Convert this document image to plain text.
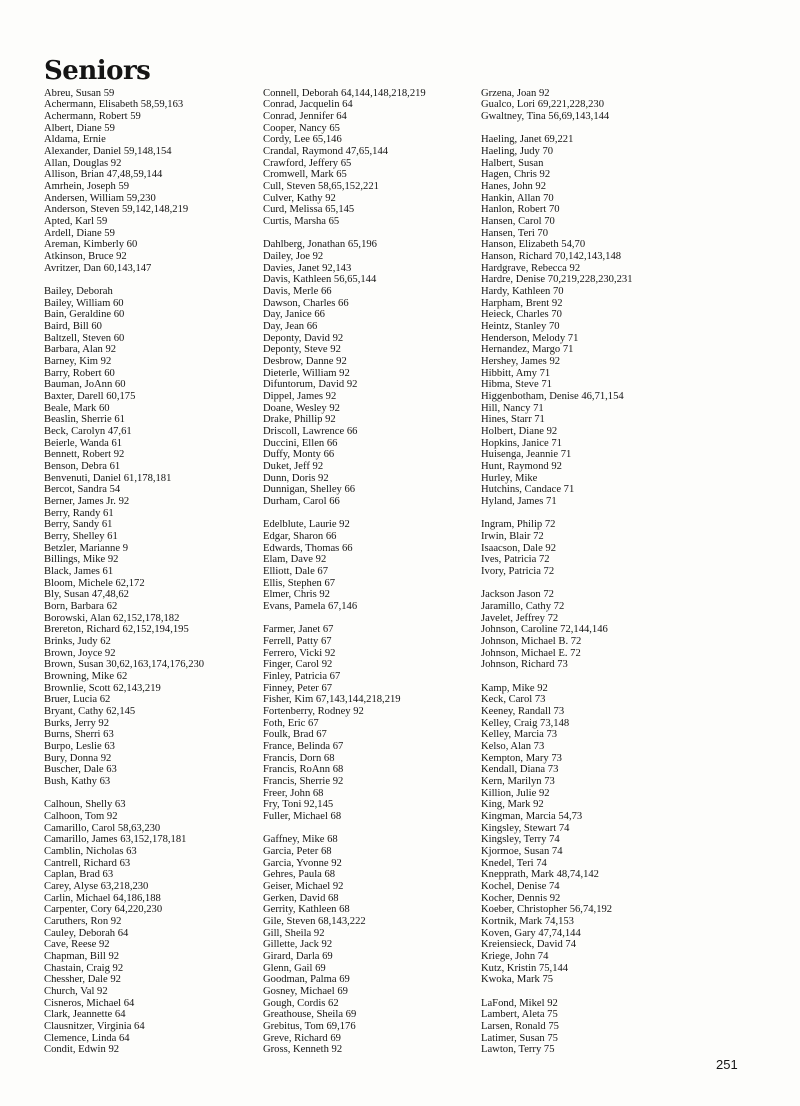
Seniors
Abreu, Susan 59
Achermann, Elisabeth 58,59,163
Achermann, Robert 59
Albert, Diane 59
Aldama, Ernie
Alexander, Daniel 59,148,154
Allan, Douglas 92
Allison, Brian 47,48,59,144
Amrhein, Joseph 59
Andersen, William 59,230
Anderson, Steven 59,142,148,219
Apted, Karl 59
Ardell, Diane 59
Areman, Kimberly 60
Atkinson, Bruce 92
Avritzer, Dan 60,143,147
Bailey, Deborah
Bailey, William 60
Bain, Geraldine 60
Baird, Bill 60
Baltzell, Steven 60
Barbara, Alan 92
Barney, Kim 92
Barry, Robert 60
Bauman, JoAnn 60
Baxter, Darell 60,175
Beale, Mark 60
Beaslin, Sherrie 61
Beck, Carolyn 47,61
Beierle, Wanda 61
Bennett, Robert 92
Benson, Debra 61
Benvenuti, Daniel 61,178,181
Bercot, Sandra 54
Berner, James Jr. 92
Berry, Randy 61
Berry, Sandy 61
Berry, Shelley 61
Betzler, Marianne 9
Billings, Mike 92
Black, James 61
Bloom, Michele 62,172
Bly, Susan 47,48,62
Born, Barbara 62
Borowski, Alan 62,152,178,182
Brereton, Richard 62,152,194,195
Brinks, Judy 62
Brown, Joyce 92
Brown, Susan 30,62,163,174,176,230
Browning, Mike 62
Brownlie, Scott 62,143,219
Bruer, Lucia 62
Bryant, Cathy 62,145
Burks, Jerry 92
Burns, Sherri 63
Burpo, Leslie 63
Bury, Donna 92
Buscher, Dale 63
Bush, Kathy 63
Calhoun, Shelly 63
Calhoon, Tom 92
Camarillo, Carol 58,63,230
Camarillo, James 63,152,178,181
Camblin, Nicholas 63
Cantrell, Richard 63
Caplan, Brad 63
Carey, Alyse 63,218,230
Carlin, Michael 64,186,188
Carpenter, Cory 64,220,230
Caruthers, Ron 92
Cauley, Deborah 64
Cave, Reese 92
Chapman, Bill 92
Chastain, Craig 92
Chessher, Dale 92
Church, Val 92
Cisneros, Michael 64
Clark, Jeannette 64
Clausnitzer, Virginia 64
Clemence, Linda 64
Condit, Edwin 92
Connell, Deborah 64,144,148,218,219
Conrad, Jacquelin 64
Conrad, Jennifer 64
Cooper, Nancy 65
Cordy, Lee 65,146
Crandal, Raymond 47,65,144
Crawford, Jeffery 65
Cromwell, Mark 65
Cull, Steven 58,65,152,221
Culver, Kathy 92
Curd, Melissa 65,145
Curtis, Marsha 65
Dahlberg, Jonathan 65,196
Dailey, Joe 92
Davies, Janet 92,143
Davis, Kathleen 56,65,144
Davis, Merle 66
Dawson, Charles 66
Day, Janice 66
Day, Jean 66
Deponty, David 92
Deponty, Steve 92
Desbrow, Danne 92
Dieterle, William 92
Difuntorum, David 92
Dippel, James 92
Doane, Wesley 92
Drake, Phillip 92
Driscoll, Lawrence 66
Duccini, Ellen 66
Duffy, Monty 66
Duket, Jeff 92
Dunn, Doris 92
Dunnigan, Shelley 66
Durham, Carol 66
Edelblute, Laurie 92
Edgar, Sharon 66
Edwards, Thomas 66
Elam, Dave 92
Elliott, Dale 67
Ellis, Stephen 67
Elmer, Chris 92
Evans, Pamela 67,146
Farmer, Janet 67
Ferrell, Patty 67
Ferrero, Vicki 92
Finger, Carol 92
Finley, Patricia 67
Finney, Peter 67
Fisher, Kim 67,143,144,218,219
Fortenberry, Rodney 92
Foth, Eric 67
Foulk, Brad 67
France, Belinda 67
Francis, Dorn 68
Francis, RoAnn 68
Francis, Sherrie 92
Freer, John 68
Fry, Toni 92,145
Fuller, Michael 68
Gaffney, Mike 68
Garcia, Peter 68
Garcia, Yvonne 92
Gehres, Paula 68
Geiser, Michael 92
Gerken, David 68
Gerrity, Kathleen 68
Gile, Steven 68,143,222
Gill, Sheila 92
Gillette, Jack 92
Girard, Darla 69
Glenn, Gail 69
Goodman, Palma 69
Gosney, Michael 69
Gough, Cordis 62
Greathouse, Sheila 69
Grebitus, Tom 69,176
Greve, Richard 69
Gross, Kenneth 92
Grzena, Joan 92
Gualco, Lori 69,221,228,230
Gwaltney, Tina 56,69,143,144
Haeling, Janet 69,221
Haeling, Judy 70
Halbert, Susan
Hagen, Chris 92
Hanes, John 92
Hankin, Allan 70
Hanlon, Robert 70
Hansen, Carol 70
Hansen, Teri 70
Hanson, Elizabeth 54,70
Hanson, Richard 70,142,143,148
Hardgrave, Rebecca 92
Hardre, Denise 70,219,228,230,231
Hardy, Kathleen 70
Harpham, Brent 92
Heieck, Charles 70
Heintz, Stanley 70
Henderson, Melody 71
Hernandez, Margo 71
Hershey, James 92
Hibbitt, Amy 71
Hibma, Steve 71
Higgenbotham, Denise 46,71,154
Hill, Nancy 71
Hines, Starr 71
Holbert, Diane 92
Hopkins, Janice 71
Huisenga, Jeannie 71
Hunt, Raymond 92
Hurley, Mike
Hutchins, Candace 71
Hyland, James 71
Ingram, Philip 72
Irwin, Blair 72
Isaacson, Dale 92
Ives, Patricia 72
Ivory, Patricia 72
Jackson Jason 72
Jaramillo, Cathy 72
Javelet, Jeffrey 72
Johnson, Caroline 72,144,146
Johnson, Michael B. 72
Johnson, Michael E. 72
Johnson, Richard 73
Kamp, Mike 92
Keck, Carol 73
Keeney, Randall 73
Kelley, Craig 73,148
Kelley, Marcia 73
Kelso, Alan 73
Kempton, Mary 73
Kendall, Diana 73
Kern, Marilyn 73
Killion, Julie 92
King, Mark 92
Kingman, Marcia 54,73
Kingsley, Stewart 74
Kingsley, Terry 74
Kjormoe, Susan 74
Knedel, Teri 74
Knepprath, Mark 48,74,142
Kochel, Denise 74
Kocher, Dennis 92
Koeber, Christopher 56,74,192
Kortnik, Mark 74,153
Koven, Gary 47,74,144
Kreiensieck, David 74
Kriege, John 74
Kutz, Kristin 75,144
Kwoka, Mark 75
LaFond, Mikel 92
Lambert, Aleta 75
Larsen, Ronald 75
Latimer, Susan 75
Lawton, Terry 75
251
